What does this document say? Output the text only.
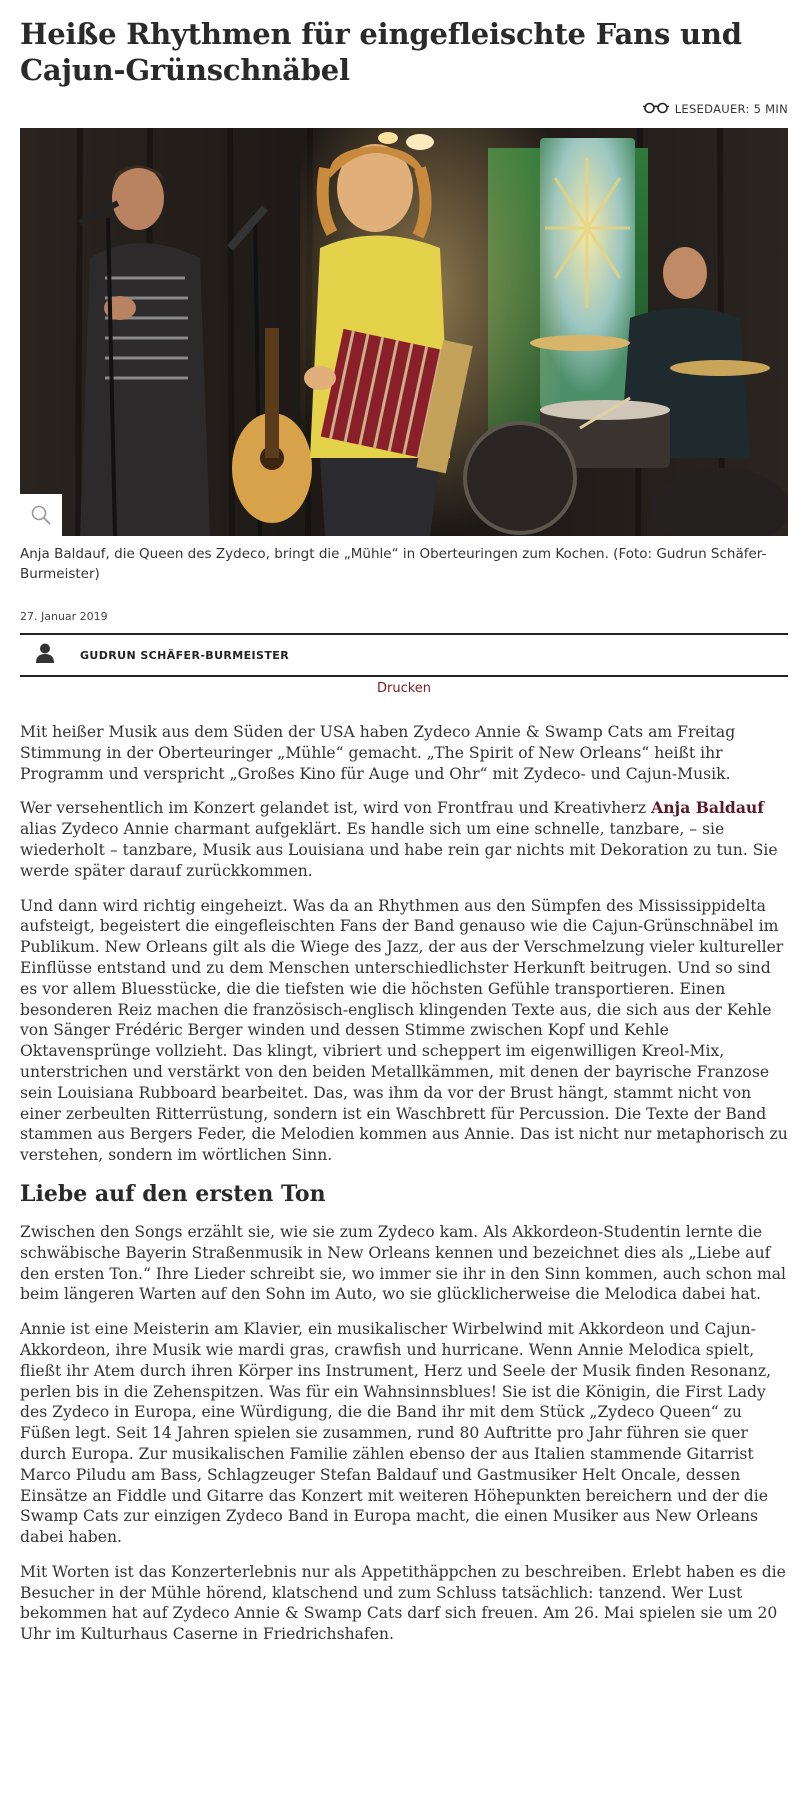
Heiße Rhythmen für eingefleischte Fans und Cajun-Grünschnäbel
LESEDAUER: 5 MIN
Anja Baldauf, die Queen des Zydeco, bringt die „Mühle“ in Oberteuringen zum Kochen. (Foto: Gudrun Schäfer-Burmeister)
27. Januar 2019
GUDRUN SCHÄFER-BURMEISTER
Drucken

Mit heißer Musik aus dem Süden der USA haben Zydeco Annie & Swamp Cats am Freitag Stimmung in der Oberteuringer „Mühle“ gemacht. „The Spirit of New Orleans“ heißt ihr Programm und verspricht „Großes Kino für Auge und Ohr“ mit Zydeco- und Cajun-Musik.

Wer versehentlich im Konzert gelandet ist, wird von Frontfrau und Kreativherz Anja Baldauf alias Zydeco Annie charmant aufgeklärt. Es handle sich um eine schnelle, tanzbare, – sie wiederholt – tanzbare, Musik aus Louisiana und habe rein gar nichts mit Dekoration zu tun. Sie werde später darauf zurückkommen.

Und dann wird richtig eingeheizt. Was da an Rhythmen aus den Sümpfen des Mississippidelta aufsteigt, begeistert die eingefleischten Fans der Band genauso wie die Cajun-Grünschnäbel im Publikum. New Orleans gilt als die Wiege des Jazz, der aus der Verschmelzung vieler kultureller Einflüsse entstand und zu dem Menschen unterschiedlichster Herkunft beitrugen. Und so sind es vor allem Bluesstücke, die die tiefsten wie die höchsten Gefühle transportieren. Einen besonderen Reiz machen die französisch-englisch klingenden Texte aus, die sich aus der Kehle von Sänger Frédéric Berger winden und dessen Stimme zwischen Kopf und Kehle Oktavensprünge vollzieht. Das klingt, vibriert und scheppert im eigenwilligen Kreol-Mix, unterstrichen und verstärkt von den beiden Metallkämmen, mit denen der bayrische Franzose sein Louisiana Rubboard bearbeitet. Das, was ihm da vor der Brust hängt, stammt nicht von einer zerbeulten Ritterrüstung, sondern ist ein Waschbrett für Percussion. Die Texte der Band stammen aus Bergers Feder, die Melodien kommen aus Annie. Das ist nicht nur metaphorisch zu verstehen, sondern im wörtlichen Sinn.

Liebe auf den ersten Ton

Zwischen den Songs erzählt sie, wie sie zum Zydeco kam. Als Akkordeon-Studentin lernte die schwäbische Bayerin Straßenmusik in New Orleans kennen und bezeichnet dies als „Liebe auf den ersten Ton.“ Ihre Lieder schreibt sie, wo immer sie ihr in den Sinn kommen, auch schon mal beim längeren Warten auf den Sohn im Auto, wo sie glücklicherweise die Melodica dabei hat.

Annie ist eine Meisterin am Klavier, ein musikalischer Wirbelwind mit Akkordeon und Cajun-Akkordeon, ihre Musik wie mardi gras, crawfish und hurricane. Wenn Annie Melodica spielt, fließt ihr Atem durch ihren Körper ins Instrument, Herz und Seele der Musik finden Resonanz, perlen bis in die Zehenspitzen. Was für ein Wahnsinnsblues! Sie ist die Königin, die First Lady des Zydeco in Europa, eine Würdigung, die die Band ihr mit dem Stück „Zydeco Queen“ zu Füßen legt. Seit 14 Jahren spielen sie zusammen, rund 80 Auftritte pro Jahr führen sie quer durch Europa. Zur musikalischen Familie zählen ebenso der aus Italien stammende Gitarrist Marco Piludu am Bass, Schlagzeuger Stefan Baldauf und Gastmusiker Helt Oncale, dessen Einsätze an Fiddle und Gitarre das Konzert mit weiteren Höhepunkten bereichern und der die Swamp Cats zur einzigen Zydeco Band in Europa macht, die einen Musiker aus New Orleans dabei haben.

Mit Worten ist das Konzerterlebnis nur als Appetithäppchen zu beschreiben. Erlebt haben es die Besucher in der Mühle hörend, klatschend und zum Schluss tatsächlich: tanzend. Wer Lust bekommen hat auf Zydeco Annie & Swamp Cats darf sich freuen. Am 26. Mai spielen sie um 20 Uhr im Kulturhaus Caserne in Friedrichshafen.
